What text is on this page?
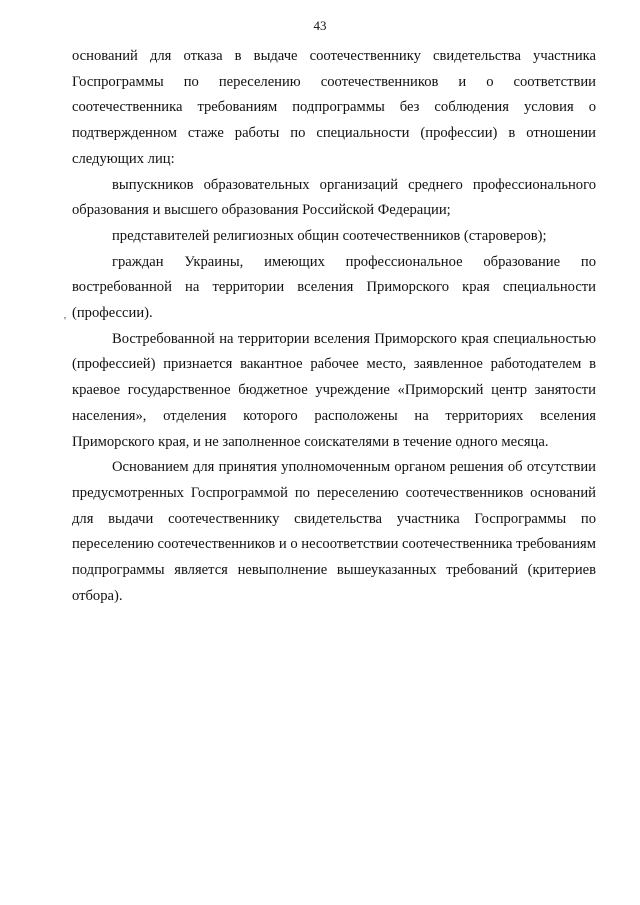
43

оснований для отказа в выдаче соотечественнику свидетельства участника Госпрограммы по переселению соотечественников и о соответствии соотечественника требованиям подпрограммы без соблюдения условия о подтвержденном стаже работы по специальности (профессии) в отношении следующих лиц:

выпускников образовательных организаций среднего профессионального образования и высшего образования Российской Федерации;

представителей религиозных общин соотечественников (староверов);

граждан Украины, имеющих профессиональное образование по востребованной на территории вселения Приморского края специальности (профессии).

Востребованной на территории вселения Приморского края специальностью (профессией) признается вакантное рабочее место, заявленное работодателем в краевое государственное бюджетное учреждение «Приморский центр занятости населения», отделения которого расположены на территориях вселения Приморского края, и не заполненное соискателями в течение одного месяца.

Основанием для принятия уполномоченным органом решения об отсутствии предусмотренных Госпрограммой по переселению соотечественников оснований для выдачи соотечественнику свидетельства участника Госпрограммы по переселению соотечественников и о несоответствии соотечественника требованиям подпрограммы является невыполнение вышеуказанных требований (критериев отбора).

'
